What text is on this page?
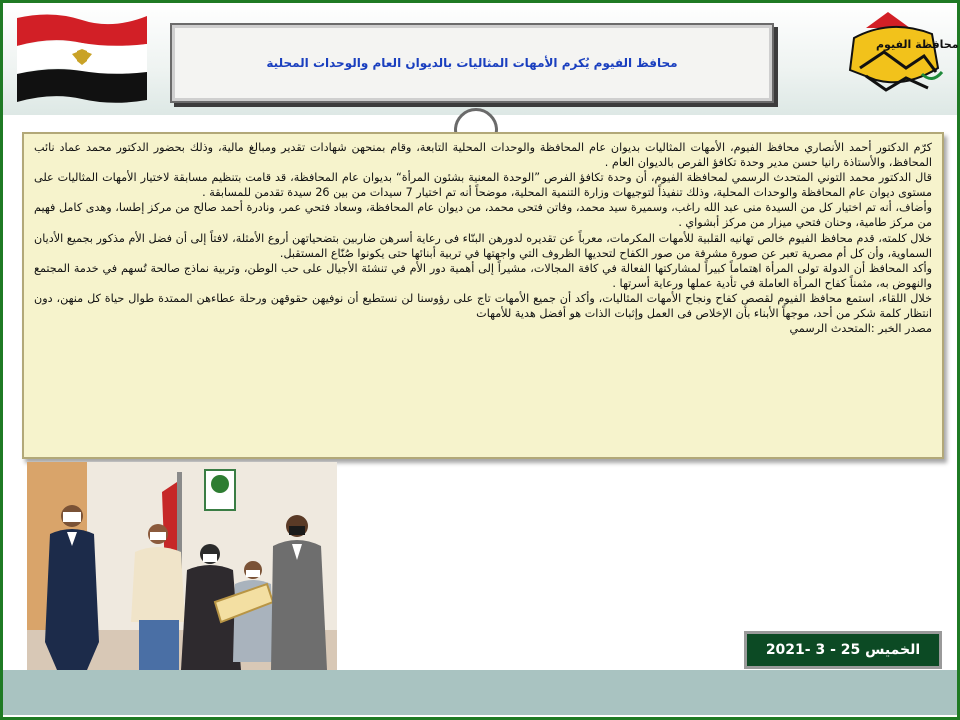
محافظ الفيوم يُكرم الأمهات المثاليات بالديوان العام والوحدات المحلية
محافظة الفيوم

كرّم الدكتور أحمد الأنصاري محافظ الفيوم، الأمهات المثاليات بديوان عام المحافظة والوحدات المحلية التابعة، وقام بمنحهن شهادات تقدير ومبالغ مالية، وذلك بحضور الدكتور محمد عماد نائب المحافظ، والأستاذة رانيا حسن مدير وحدة تكافؤ الفرص بالديوان العام .

قال الدكتور محمد التوني المتحدث الرسمي لمحافظة الفيوم، أن وحدة تكافؤ الفرص ”الوحدة المعنية بشئون المرأة“ بديوان عام المحافظة، قد قامت بتنظيم مسابقة لاختيار الأمهات المثاليات على مستوى ديوان عام المحافظة والوحدات المحلية، وذلك تنفيذاً لتوجيهات وزارة التنمية المحلية، موضحاً أنه تم اختيار 7 سيدات من بين 26 سيدة تقدمن للمسابقة .

وأضاف، أنه تم اختيار كل من السيدة منى عبد الله راغب، وسميرة سيد محمد، وفاتن فتحى محمد، من ديوان عام المحافظة، وسعاد فتحي عمر، ونادرة أحمد صالح من مركز إطسا، وهدى كامل فهيم من مركز طامية، وحنان فتحي ميزار من مركز أبشواي .

خلال كلمته، قدم محافظ الفيوم خالص تهانيه القلبية للأمهات المكرمات، معرباً عن تقديره لدورهن البنّاء فى رعاية أسرهن ضاربين بتضحياتهن أروع الأمثلة، لافتاً إلى أن فضل الأم مذكور بجميع الأديان السماوية، وأن كل أم مصرية تعبر عن صورة مشرفة من صور الكفاح لتحديها الظروف التي واجهتها في تربية أبنائها حتى يكونوا صُنّاع المستقبل.

وأكد المحافظ أن الدولة تولى المرأة اهتماماً كبيراً لمشاركتها الفعالة في كافة المجالات، مشيراً إلى أهمية دور الأم في تنشئة الأجيال على حب الوطن، وتربية نماذج صالحة تُسهم في خدمة المجتمع والنهوض به، مثمناً كفاح المرأة العاملة في تأدية عملها ورعاية أسرتها .

خلال اللقاء، استمع محافظ الفيوم لقصص كفاح ونجاح الأمهات المثاليات، وأكد أن جميع الأمهات تاج على رؤوسنا لن نستطيع أن نوفيهن حقوقهن ورحلة عطاءهن الممتدة طوال حياة كل منهن، دون انتظار كلمة شكر من أحد، موجهاً الأبناء بأن الإخلاص فى العمل وإثبات الذات هو أفضل هدية للأمهات

مصدر الخبر :المتحدث الرسمي

الخميس 25 - 3 -2021
